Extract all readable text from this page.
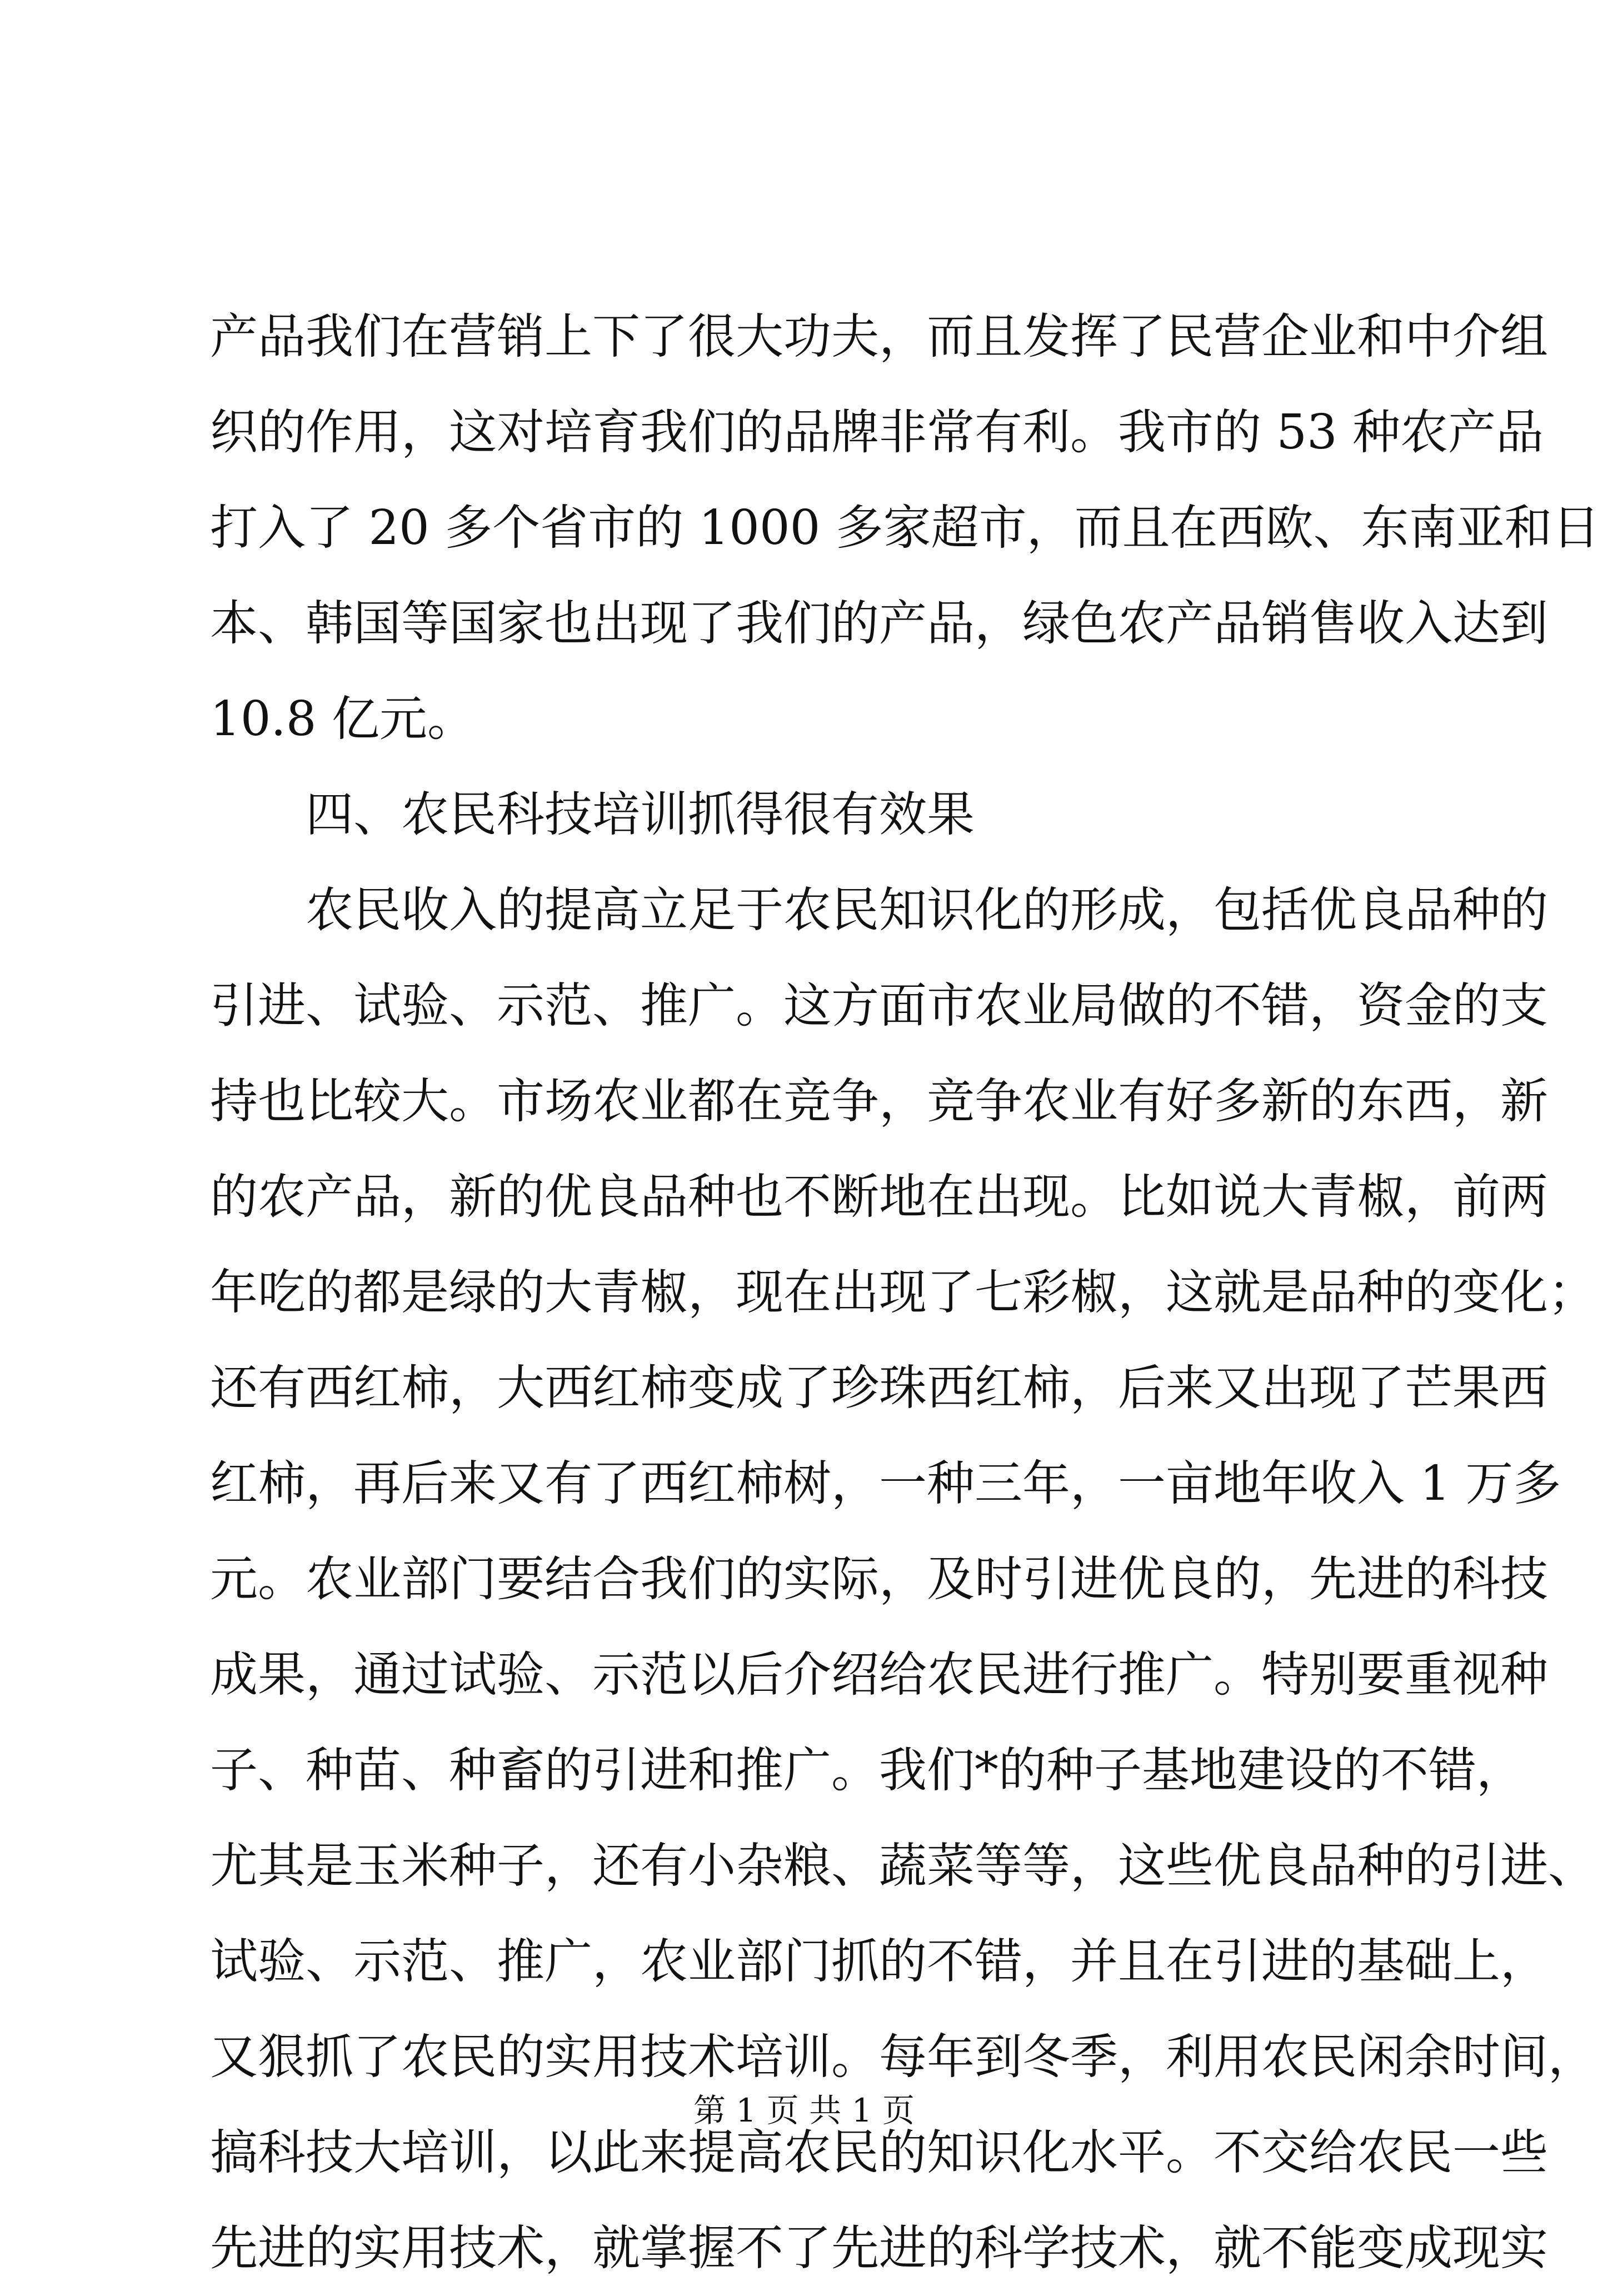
产品我们在营销上下了很大功夫，而且发挥了民营企业和中介组
织的作用，这对培育我们的品牌非常有利。我市的 53 种农产品
打入了 20 多个省市的 1000 多家超市，而且在西欧、东南亚和日
本、韩国等国家也出现了我们的产品，绿色农产品销售收入达到
10.8 亿元。
四、农民科技培训抓得很有效果
农民收入的提高立足于农民知识化的形成，包括优良品种的
引进、试验、示范、推广。这方面市农业局做的不错，资金的支
持也比较大。市场农业都在竞争，竞争农业有好多新的东西，新
的农产品，新的优良品种也不断地在出现。比如说大青椒，前两
年吃的都是绿的大青椒，现在出现了七彩椒，这就是品种的变化；
还有西红柿，大西红柿变成了珍珠西红柿，后来又出现了芒果西
红柿，再后来又有了西红柿树，一种三年，一亩地年收入 1 万多
元。农业部门要结合我们的实际，及时引进优良的，先进的科技
成果，通过试验、示范以后介绍给农民进行推广。特别要重视种
子、种苗、种畜的引进和推广。我们*的种子基地建设的不错，
尤其是玉米种子，还有小杂粮、蔬菜等等，这些优良品种的引进、
试验、示范、推广，农业部门抓的不错，并且在引进的基础上，
又狠抓了农民的实用技术培训。每年到冬季，利用农民闲余时间，
搞科技大培训，以此来提高农民的知识化水平。不交给农民一些
先进的实用技术，就掌握不了先进的科学技术，就不能变成现实
第 1 页 共 1 页
